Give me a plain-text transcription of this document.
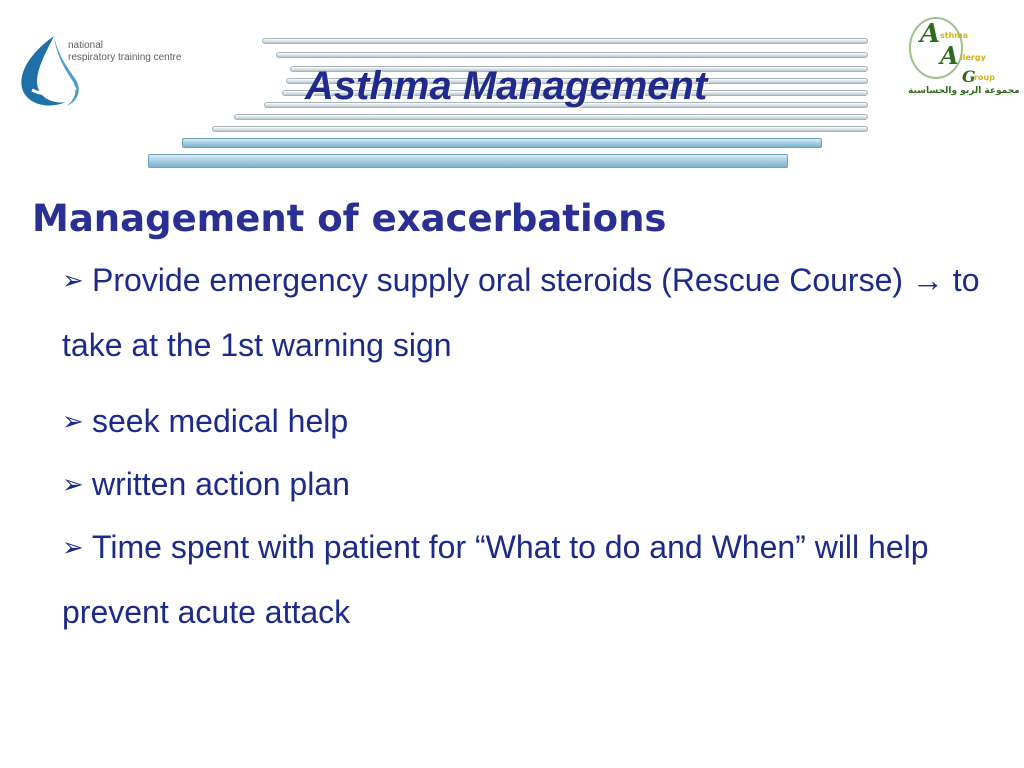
national
respiratory training centre
A
A
G
sthma
llergy
roup
مجموعة الربو والحساسية
Asthma Management
Management of exacerbations
➢ Provide emergency supply oral steroids (Rescue Course) → to take at the 1st warning sign
➢ seek medical help
➢ written action plan
➢ Time spent with patient for “What to do and When” will help prevent acute attack
